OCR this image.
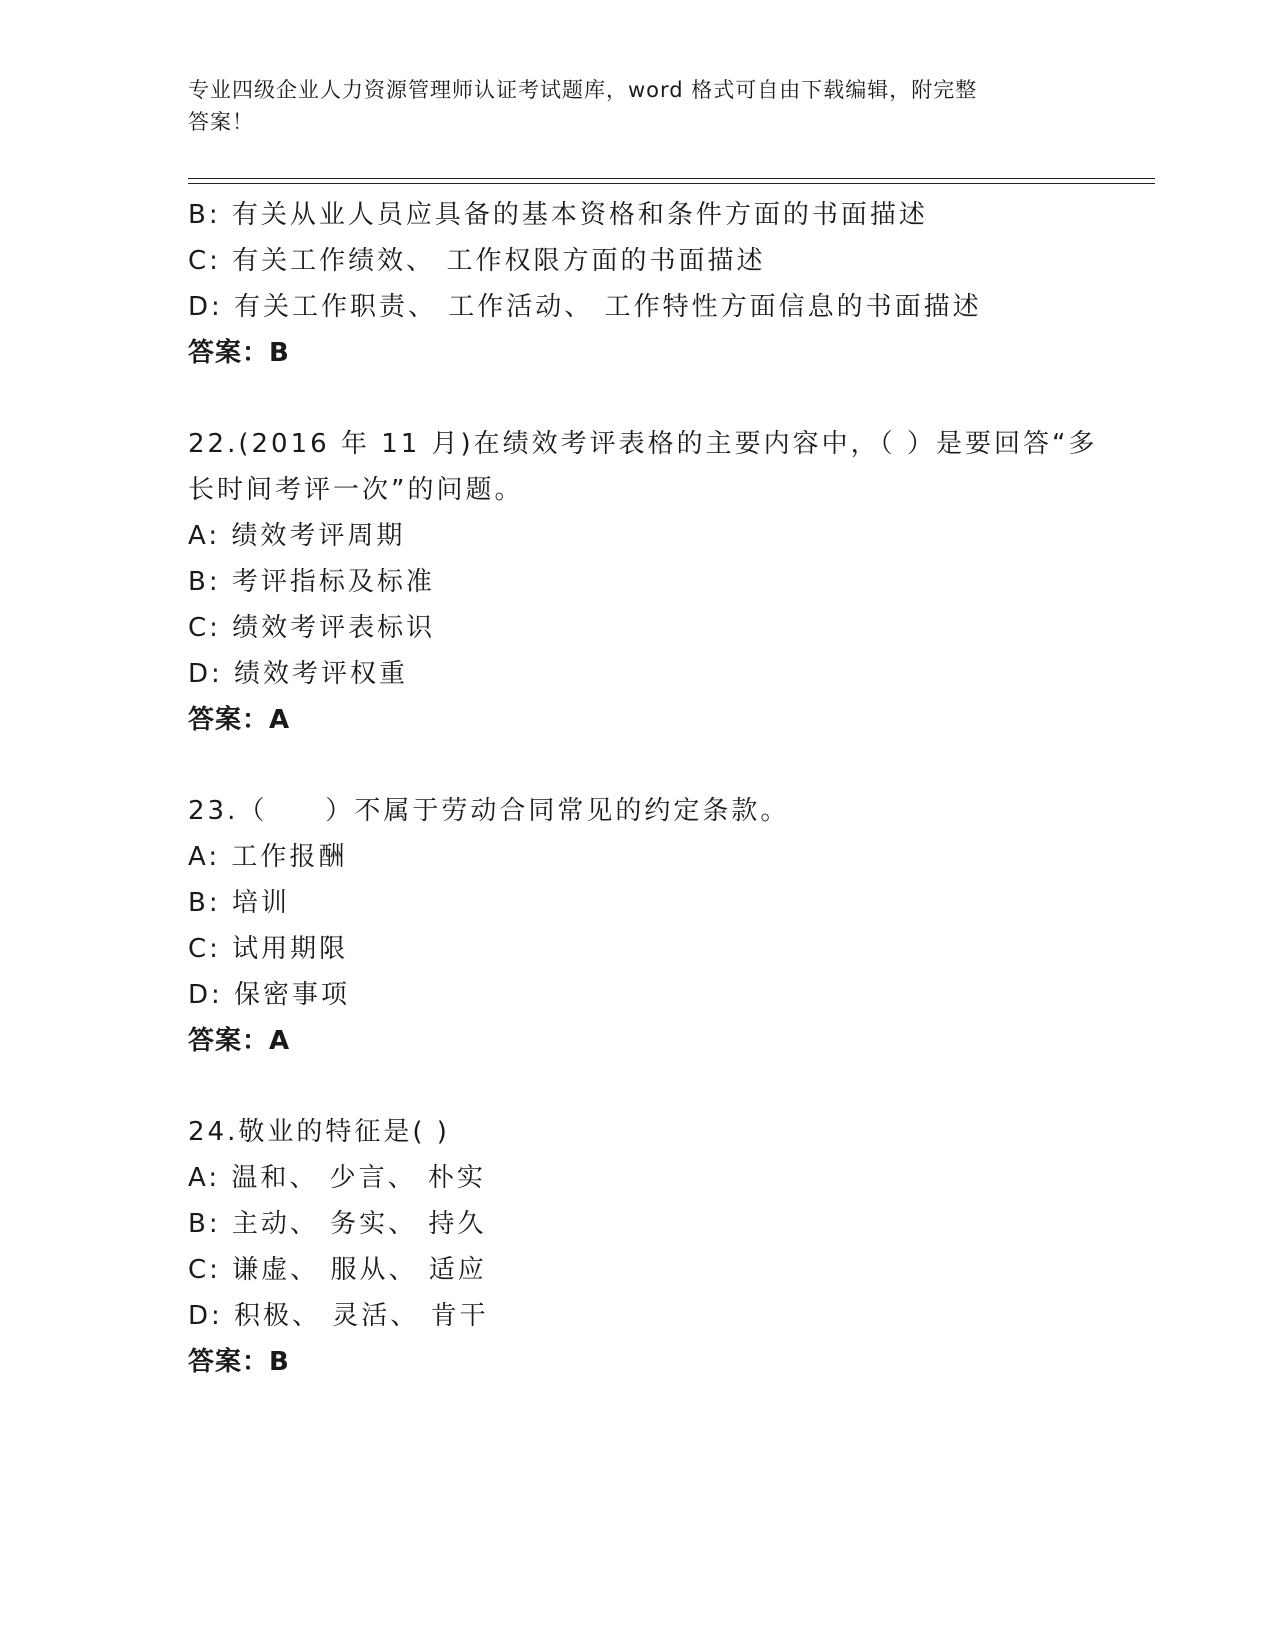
专业四级企业人力资源管理师认证考试题库，word 格式可自由下载编辑，附完整
答案！
B: 有关从业人员应具备的基本资格和条件方面的书面描述
C: 有关工作绩效、 工作权限方面的书面描述
D: 有关工作职责、 工作活动、 工作特性方面信息的书面描述
答案：B
22.(2016 年 11 月)在绩效考评表格的主要内容中，（ ）是要回答“多
长时间考评一次”的问题。
A: 绩效考评周期
B: 考评指标及标准
C: 绩效考评表标识
D: 绩效考评权重
答案：A
23.（　　）不属于劳动合同常见的约定条款。
A: 工作报酬
B: 培训
C: 试用期限
D: 保密事项
答案：A
24.敬业的特征是( )
A: 温和、 少言、 朴实
B: 主动、 务实、 持久
C: 谦虚、 服从、 适应
D: 积极、 灵活、 肯干
答案：B
